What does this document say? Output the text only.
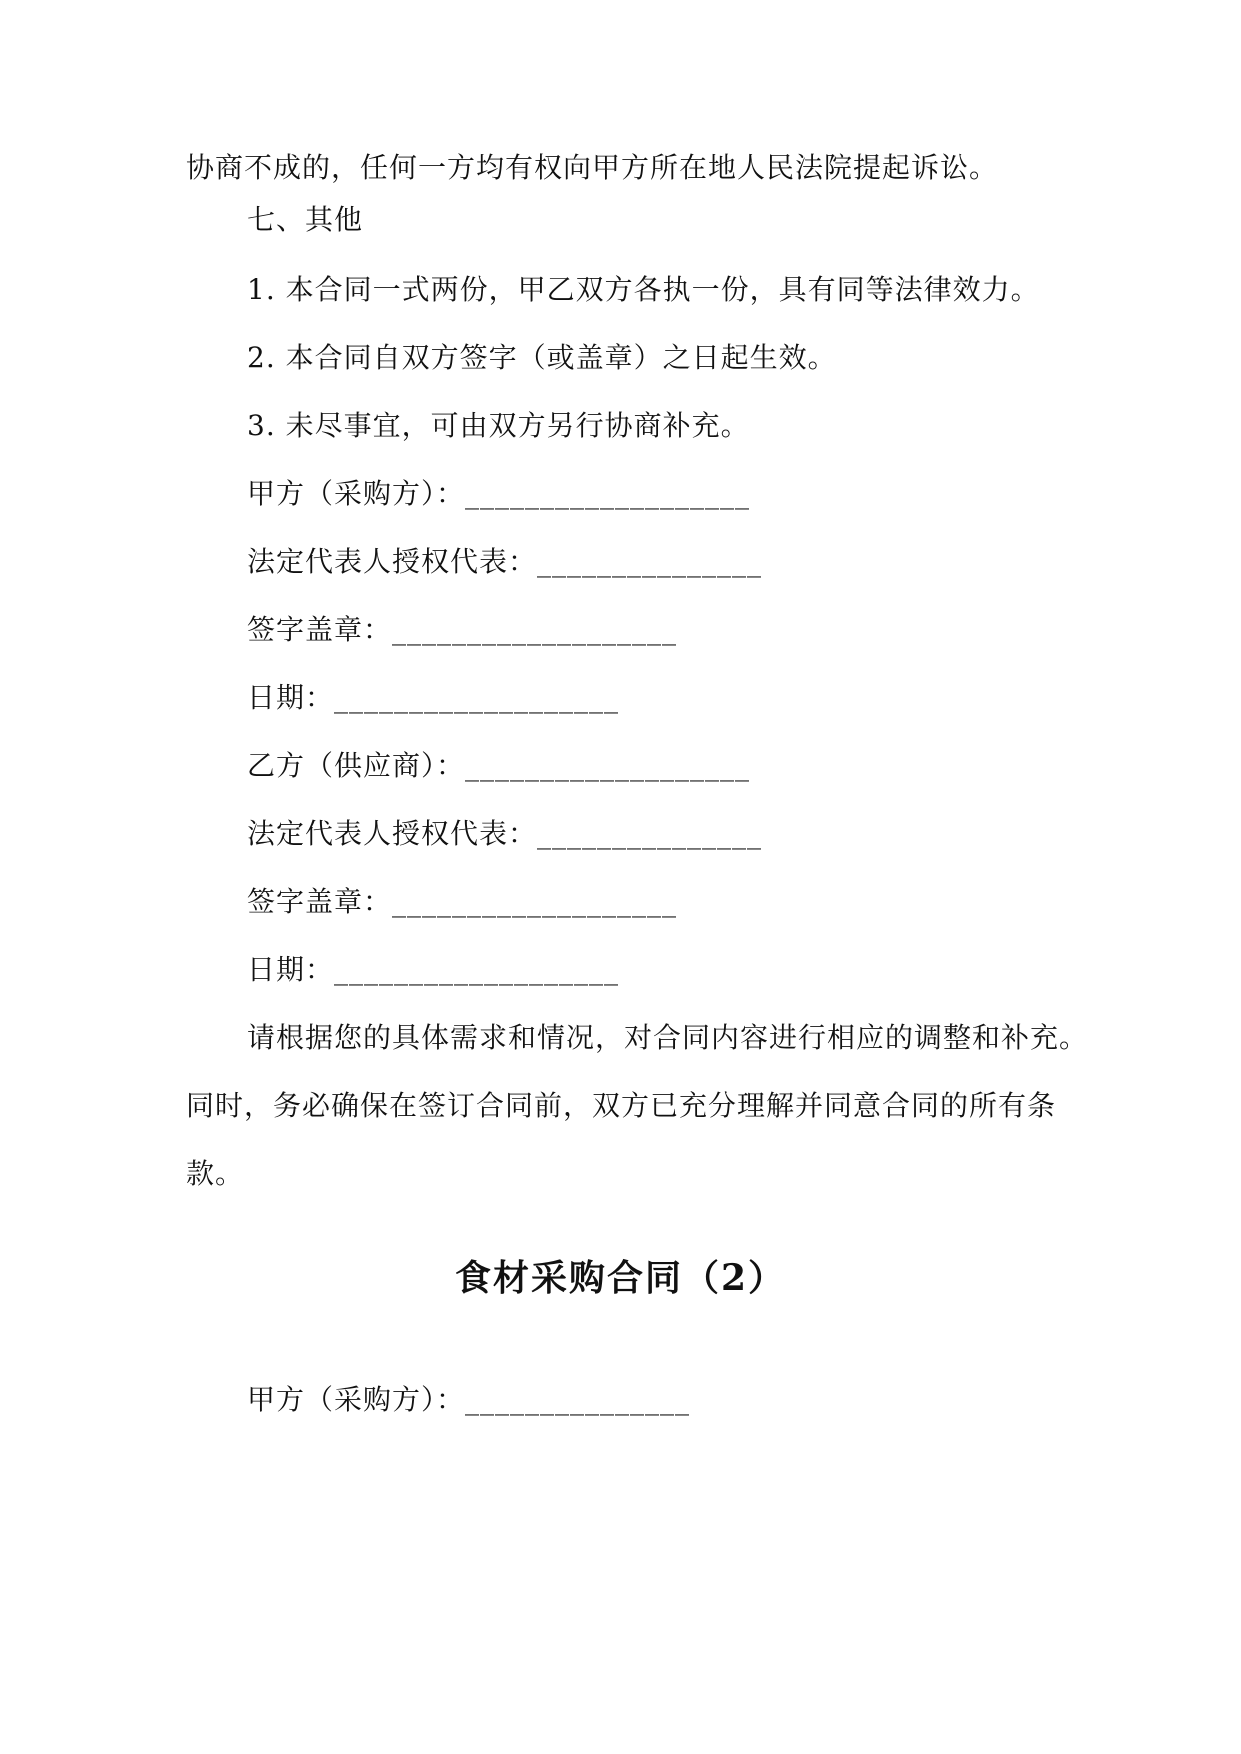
协商不成的，任何一方均有权向甲方所在地人民法院提起诉讼。
七、其他
1. 本合同一式两份，甲乙双方各执一份，具有同等法律效力。
2. 本合同自双方签字（或盖章）之日起生效。
3. 未尽事宜，可由双方另行协商补充。
甲方（采购方）：___________________
法定代表人授权代表：_______________
签字盖章：___________________
日期：___________________
乙方（供应商）：___________________
法定代表人授权代表：_______________
签字盖章：___________________
日期：___________________
请根据您的具体需求和情况，对合同内容进行相应的调整和补充。
同时，务必确保在签订合同前，双方已充分理解并同意合同的所有条
款。
食材采购合同（2）
甲方（采购方）：_______________
